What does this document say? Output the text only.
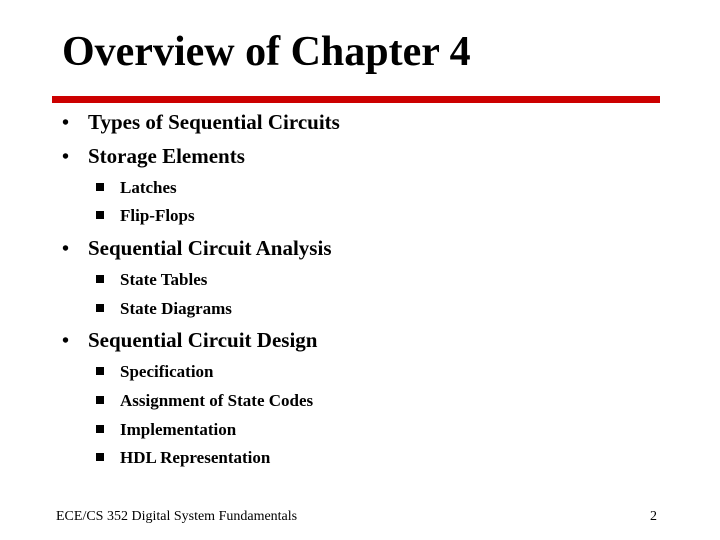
Overview of Chapter 4
• Types of Sequential Circuits
• Storage Elements
Latches
Flip-Flops
• Sequential Circuit Analysis
State Tables
State Diagrams
• Sequential Circuit Design
Specification
Assignment of State Codes
Implementation
HDL Representation
ECE/CS 352 Digital System Fundamentals	2
